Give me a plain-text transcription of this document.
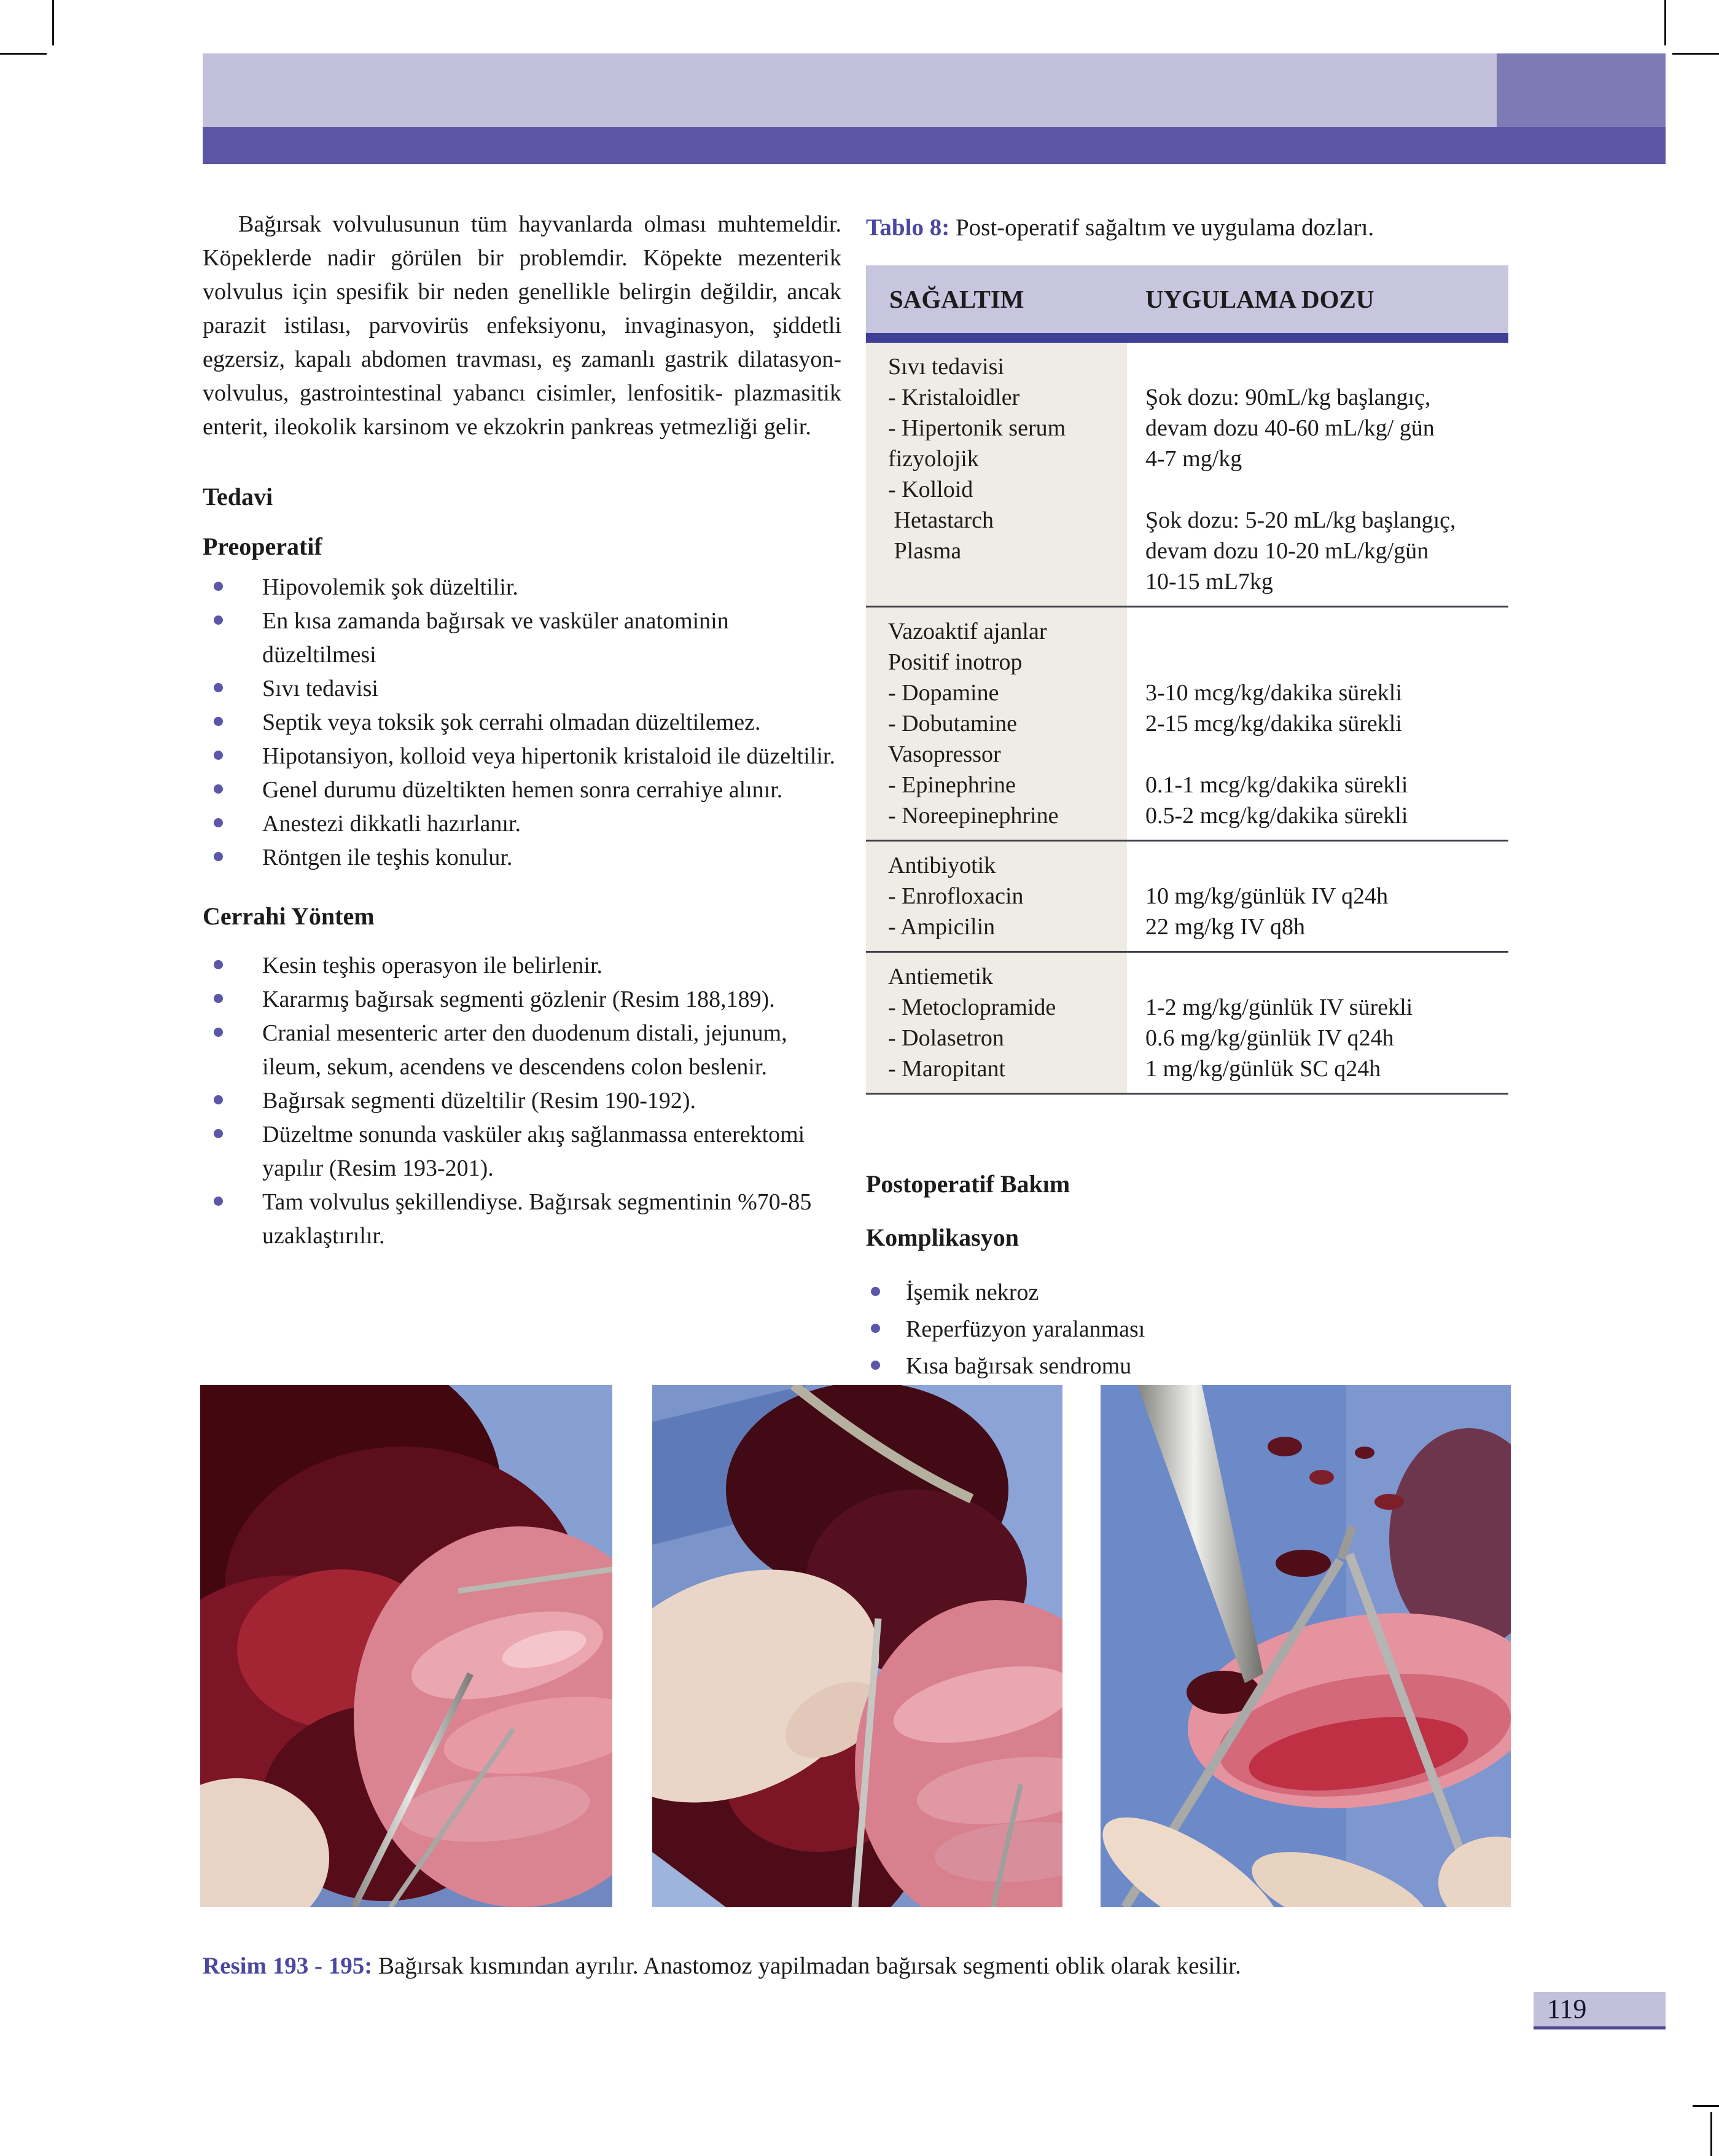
Bağırsak volvulusunun tüm hayvanlarda olması muhtemeldir. Köpeklerde nadir görülen bir problemdir. Köpekte mezenterik volvulus için spesifik bir neden genellikle belirgin değildir, ancak parazit istilası, parvovirüs enfeksiyonu, invaginasyon, şiddetli egzersiz, kapalı abdomen travması, eş zamanlı gastrik dilatasyon-volvulus, gastrointestinal yabancı cisimler, lenfositik- plazmasitik enterit, ileokolik karsinom ve ekzokrin pankreas yetmezliği gelir.

Tedavi
Preoperatif
Hipovolemik şok düzeltilir.
En kısa zamanda bağırsak ve vasküler anatominin düzeltilmesi
Sıvı tedavisi
Septik veya toksik şok cerrahi olmadan düzeltilemez.
Hipotansiyon, kolloid veya hipertonik kristaloid ile düzeltilir.
Genel durumu düzeltikten hemen sonra cerrahiye alınır.
Anestezi dikkatli hazırlanır.
Röntgen ile teşhis konulur.
Cerrahi Yöntem
Kesin teşhis operasyon ile belirlenir.
Kararmış bağırsak segmenti gözlenir (Resim 188,189).
Cranial mesenteric arter den duodenum distali, jejunum, ileum, sekum, acendens ve descendens colon beslenir.
Bağırsak segmenti düzeltilir (Resim 190-192).
Düzeltme sonunda vasküler akış sağlanmassa enterektomi yapılır (Resim 193-201).
Tam volvulus şekillendiyse. Bağırsak segmentinin %70-85 uzaklaştırılır.

Tablo 8: Post-operatif sağaltım ve uygulama dozları.

SAĞALTIM	UYGULAMA DOZU
Sıvı tedavisi
- Kristaloidler
- Hipertonik serum
fizyolojik
- Kolloid
Hetastarch
Plasma
Şok dozu: 90mL/kg başlangıç,
devam dozu 40-60 mL/kg/ gün
4-7 mg/kg
Şok dozu: 5-20 mL/kg başlangıç,
devam dozu 10-20 mL/kg/gün
10-15 mL7kg
Vazoaktif ajanlar
Positif inotrop
- Dopamine
- Dobutamine
Vasopressor
- Epinephrine
- Noreepinephrine
3-10 mcg/kg/dakika sürekli
2-15 mcg/kg/dakika sürekli
0.1-1 mcg/kg/dakika sürekli
0.5-2 mcg/kg/dakika sürekli
Antibiyotik
- Enrofloxacin
- Ampicilin
10 mg/kg/günlük IV q24h
22 mg/kg IV q8h
Antiemetik
- Metoclopramide
- Dolasetron
- Maropitant
1-2 mg/kg/günlük IV sürekli
0.6 mg/kg/günlük IV q24h
1 mg/kg/günlük SC q24h
Postoperatif Bakım
Komplikasyon
İşemik nekroz
Reperfüzyon yaralanması
Kısa bağırsak sendromu

Resim 193 - 195: Bağırsak kısmından ayrılır. Anastomoz yapilmadan bağırsak segmenti oblik olarak kesilir.

119
